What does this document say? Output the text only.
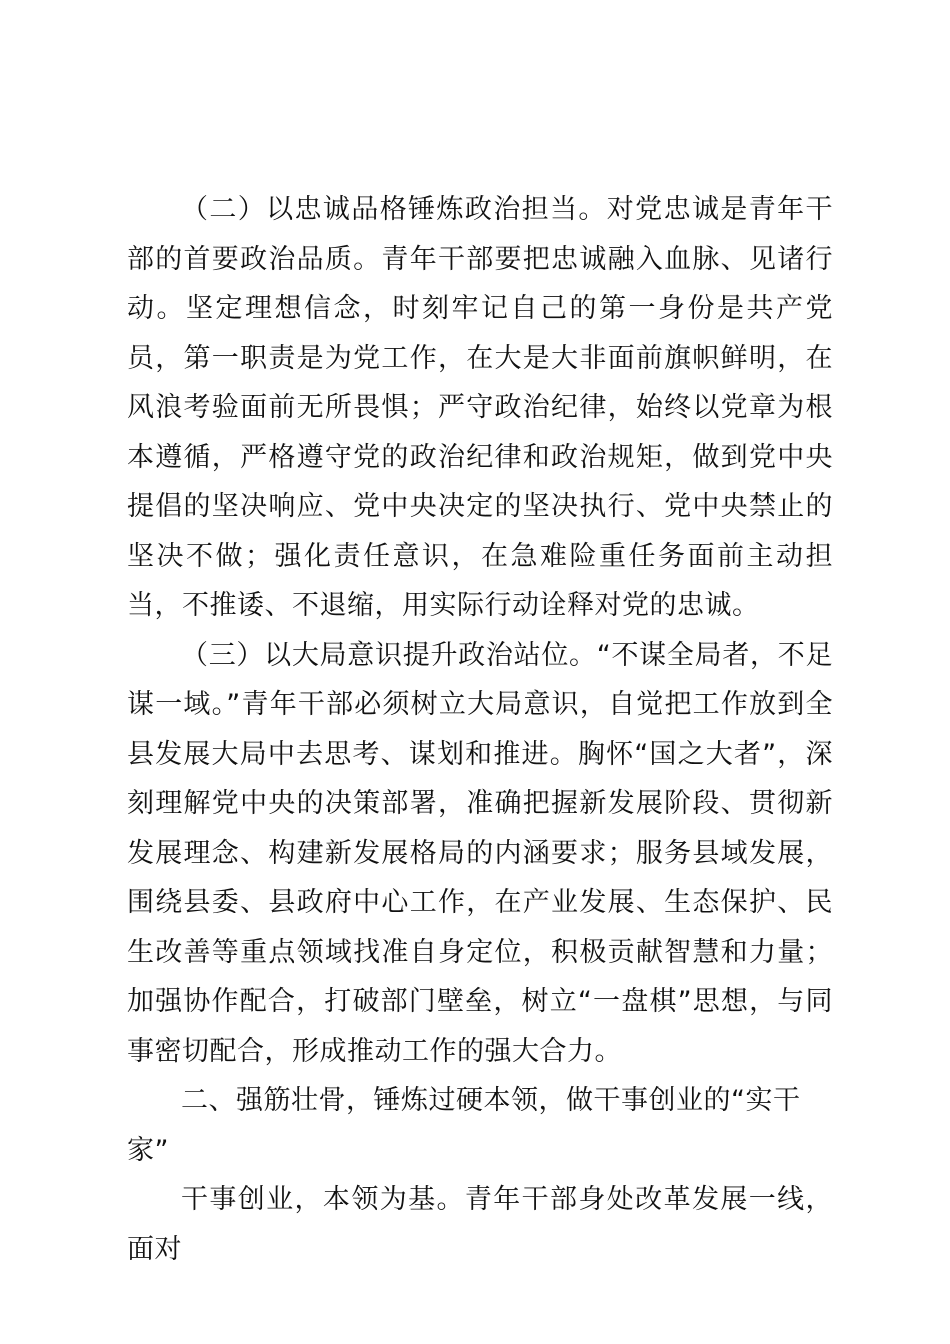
（二）以忠诚品格锤炼政治担当。对党忠诚是青年干部的首要政治品质。青年干部要把忠诚融入血脉、见诸行动。坚定理想信念，时刻牢记自己的第一身份是共产党员，第一职责是为党工作，在大是大非面前旗帜鲜明，在风浪考验面前无所畏惧；严守政治纪律，始终以党章为根本遵循，严格遵守党的政治纪律和政治规矩，做到党中央提倡的坚决响应、党中央决定的坚决执行、党中央禁止的坚决不做；强化责任意识，在急难险重任务面前主动担当，不推诿、不退缩，用实际行动诠释对党的忠诚。

（三）以大局意识提升政治站位。“不谋全局者，不足谋一域。”青年干部必须树立大局意识，自觉把工作放到全县发展大局中去思考、谋划和推进。胸怀“国之大者”，深刻理解党中央的决策部署，准确把握新发展阶段、贯彻新发展理念、构建新发展格局的内涵要求；服务县域发展，围绕县委、县政府中心工作，在产业发展、生态保护、民生改善等重点领域找准自身定位，积极贡献智慧和力量；加强协作配合，打破部门壁垒，树立“一盘棋”思想，与同事密切配合，形成推动工作的强大合力。

二、强筋壮骨，锤炼过硬本领，做干事创业的“实干家”

干事创业，本领为基。青年干部身处改革发展一线，面对
